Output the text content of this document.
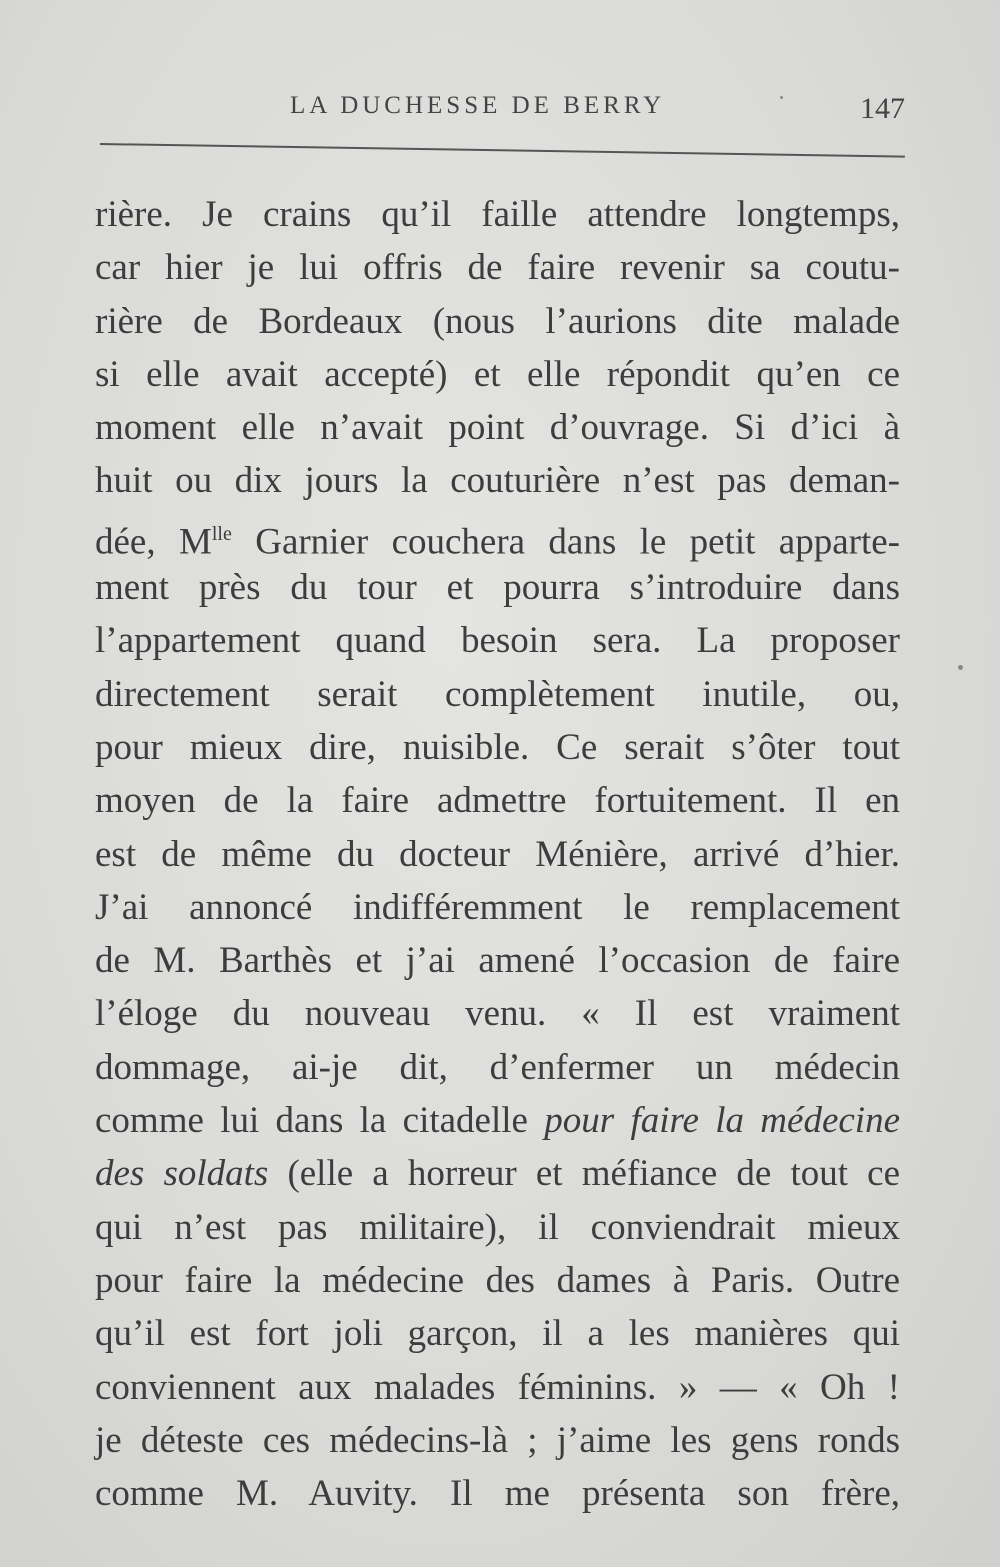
LA DUCHESSE DE BERRY	147
rière. Je crains qu’il faille attendre longtemps,
car hier je lui offris de faire revenir sa coutu-
rière de Bordeaux (nous l’aurions dite malade
si elle avait accepté) et elle répondit qu’en ce
moment elle n’avait point d’ouvrage. Si d’ici à
huit ou dix jours la couturière n’est pas deman-
dée, $M^{lle}$ Garnier couchera dans le petit apparte-
ment près du tour et pourra s’introduire dans
l’appartement quand besoin sera. La proposer
directement serait complètement inutile, ou,
pour mieux dire, nuisible. Ce serait s’ôter tout
moyen de la faire admettre fortuitement. Il en
est de même du docteur Ménière, arrivé d’hier.
J’ai annoncé indifféremment le remplacement
de M. Barthès et j’ai amené l’occasion de faire
l’éloge du nouveau venu. « Il est vraiment
dommage, ai-je dit, d’enfermer un médecin
comme lui dans la citadelle pour faire la médecine
des soldats (elle a horreur et méfiance de tout ce
qui n’est pas militaire), il conviendrait mieux
pour faire la médecine des dames à Paris. Outre
qu’il est fort joli garçon, il a les manières qui
conviennent aux malades féminins. » — « Oh !
je déteste ces médecins-là ; j’aime les gens ronds
comme M. Auvity. Il me présenta son frère,
